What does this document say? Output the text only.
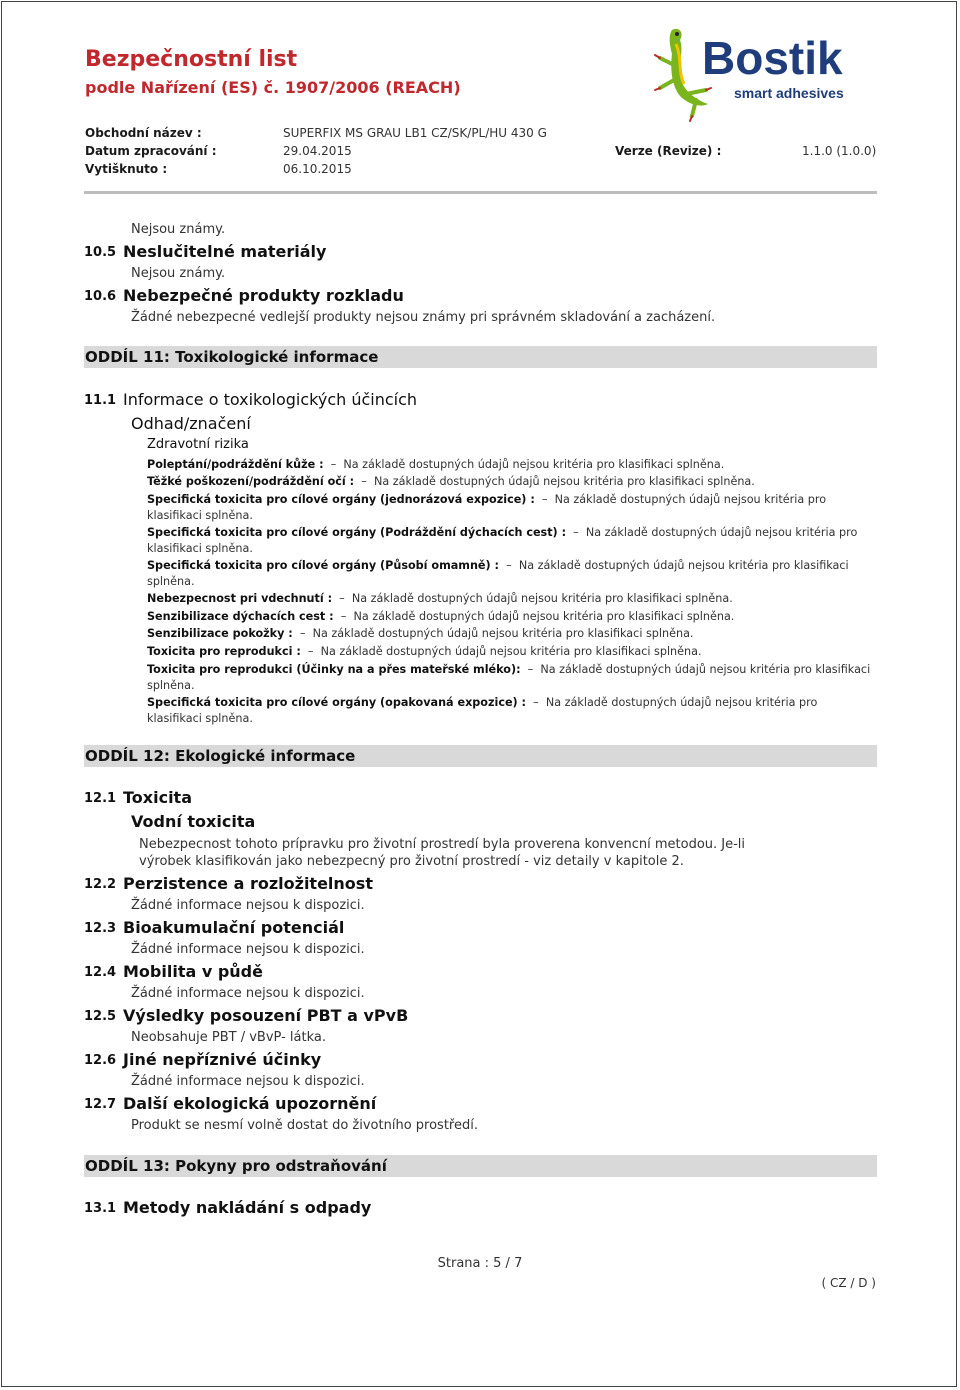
Bezpečnostní list
podle Nařízení (ES) č. 1907/2006 (REACH)
Bostik
smart adhesives
Obchodní název :	SUPERFIX MS GRAU LB1 CZ/SK/PL/HU 430 G
Datum zpracování :	29.04.2015	Verze (Revize) :	1.1.0 (1.0.0)
Vytišknuto :	06.10.2015
Nejsou známy.
10.5 Neslučitelné materiály
Nejsou známy.
10.6 Nebezpečné produkty rozkladu
Žádné nebezpecné vedlejší produkty nejsou známy pri správném skladování a zacházení.
ODDÍL 11: Toxikologické informace
11.1 Informace o toxikologických účincích
Odhad/značení
Zdravotní rizika
Poleptání/podráždění kůže :  –  Na základě dostupných údajů nejsou kritéria pro klasifikaci splněna.
Těžké poškození/podráždění očí :  –  Na základě dostupných údajů nejsou kritéria pro klasifikaci splněna.
Specifická toxicita pro cílové orgány (jednorázová expozice) :  –  Na základě dostupných údajů nejsou kritéria pro klasifikaci splněna.
Specifická toxicita pro cílové orgány (Podráždění dýchacích cest) :  –  Na základě dostupných údajů nejsou kritéria pro klasifikaci splněna.
Specifická toxicita pro cílové orgány (Působí omamně) :  –  Na základě dostupných údajů nejsou kritéria pro klasifikaci splněna.
Nebezpecnost pri vdechnutí :  –  Na základě dostupných údajů nejsou kritéria pro klasifikaci splněna.
Senzibilizace dýchacích cest :  –  Na základě dostupných údajů nejsou kritéria pro klasifikaci splněna.
Senzibilizace pokožky :  –  Na základě dostupných údajů nejsou kritéria pro klasifikaci splněna.
Toxicita pro reprodukci :  –  Na základě dostupných údajů nejsou kritéria pro klasifikaci splněna.
Toxicita pro reprodukci (Účinky na a přes mateřské mléko):  –  Na základě dostupných údajů nejsou kritéria pro klasifikaci splněna.
Specifická toxicita pro cílové orgány (opakovaná expozice) :  –  Na základě dostupných údajů nejsou kritéria pro klasifikaci splněna.
ODDÍL 12: Ekologické informace
12.1 Toxicita
Vodní toxicita
Nebezpecnost tohoto prípravku pro životní prostredí byla proverena konvencní metodou. Je-li
výrobek klasifikován jako nebezpecný pro životní prostredí - viz detaily v kapitole 2.
12.2 Perzistence a rozložitelnost
Žádné informace nejsou k dispozici.
12.3 Bioakumulační potenciál
Žádné informace nejsou k dispozici.
12.4 Mobilita v půdě
Žádné informace nejsou k dispozici.
12.5 Výsledky posouzení PBT a vPvB
Neobsahuje PBT / vBvP- látka.
12.6 Jiné nepříznivé účinky
Žádné informace nejsou k dispozici.
12.7 Další ekologická upozornění
Produkt se nesmí volně dostat do životního prostředí.
ODDÍL 13: Pokyny pro odstraňování
13.1 Metody nakládání s odpady
Strana : 5 / 7
( CZ / D )
